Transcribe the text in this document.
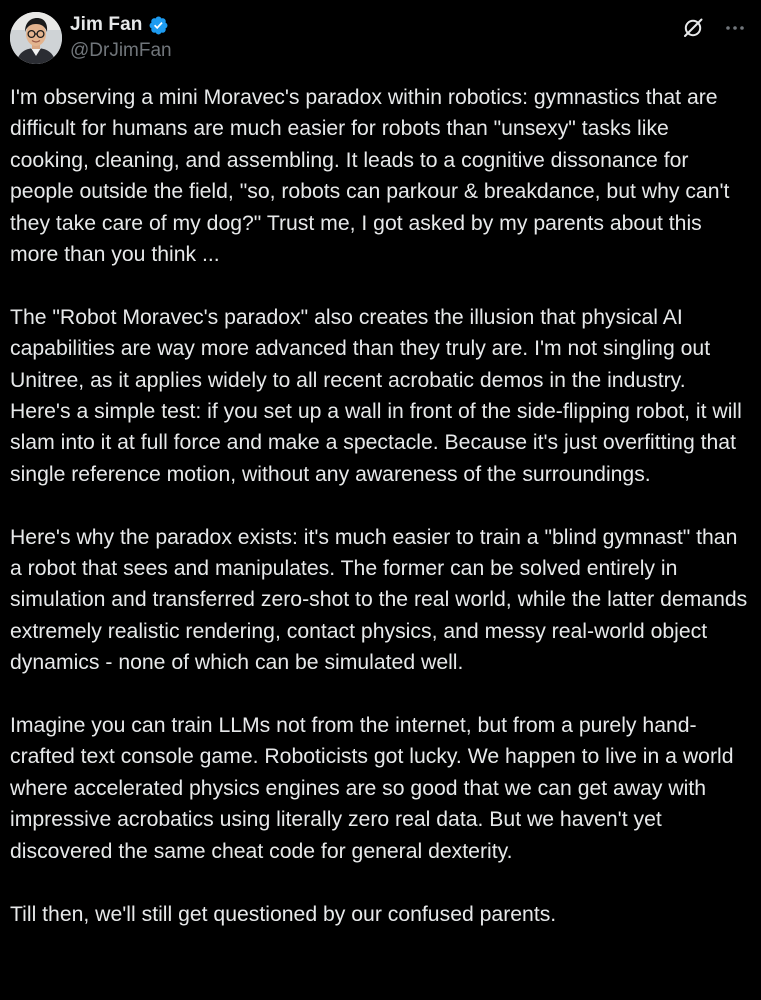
Jim Fan
@DrJimFan

I'm observing a mini Moravec's paradox within robotics: gymnastics that are difficult for humans are much easier for robots than "unsexy" tasks like cooking, cleaning, and assembling. It leads to a cognitive dissonance for people outside the field, "so, robots can parkour & breakdance, but why can't they take care of my dog?" Trust me, I got asked by my parents about this more than you think ...

The "Robot Moravec's paradox" also creates the illusion that physical AI capabilities are way more advanced than they truly are. I'm not singling out Unitree, as it applies widely to all recent acrobatic demos in the industry. Here's a simple test: if you set up a wall in front of the side-flipping robot, it will slam into it at full force and make a spectacle. Because it's just overfitting that single reference motion, without any awareness of the surroundings.

Here's why the paradox exists: it's much easier to train a "blind gymnast" than a robot that sees and manipulates. The former can be solved entirely in simulation and transferred zero-shot to the real world, while the latter demands extremely realistic rendering, contact physics, and messy real-world object dynamics - none of which can be simulated well.

Imagine you can train LLMs not from the internet, but from a purely hand-crafted text console game. Roboticists got lucky. We happen to live in a world where accelerated physics engines are so good that we can get away with impressive acrobatics using literally zero real data. But we haven't yet discovered the same cheat code for general dexterity.

Till then, we'll still get questioned by our confused parents.
